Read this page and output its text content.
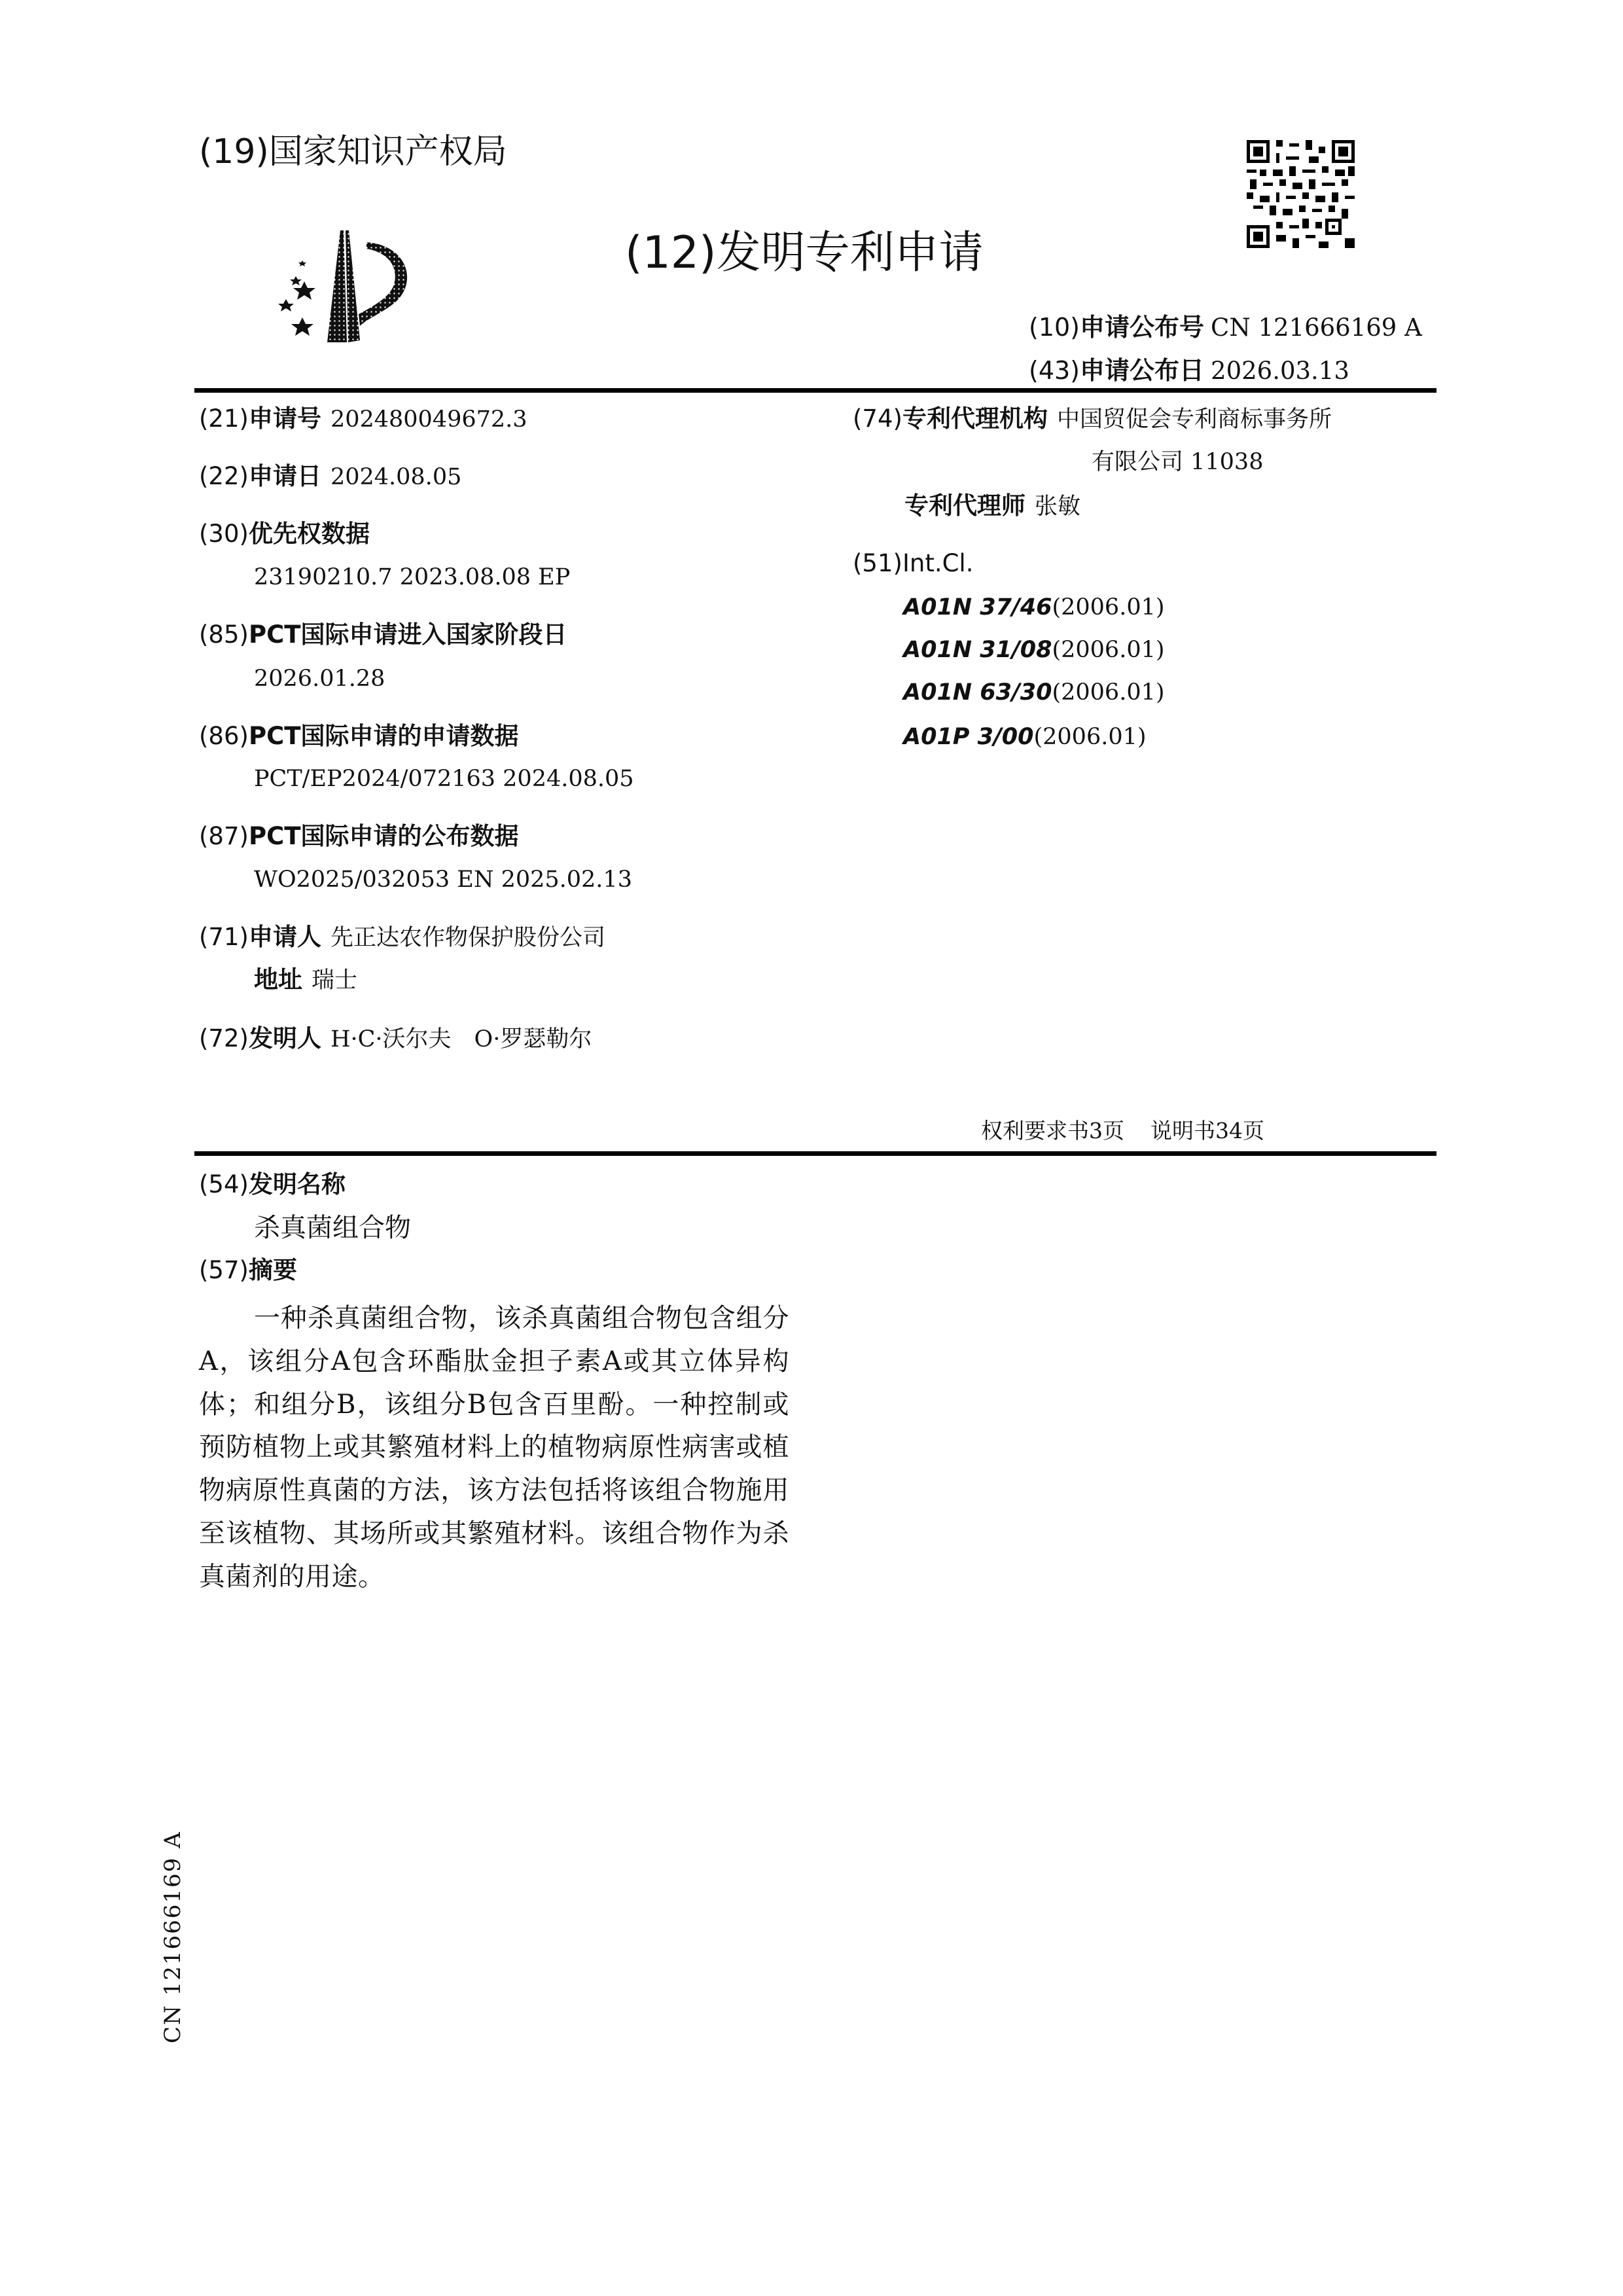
(19)国家知识产权局
(12)发明专利申请
(10)申请公布号 CN 121666169 A
(43)申请公布日 2026.03.13
(21)申请号 202480049672.3
(22)申请日 2024.08.05
(30)优先权数据
23190210.7 2023.08.08 EP
(85)PCT国际申请进入国家阶段日
2026.01.28
(86)PCT国际申请的申请数据
PCT/EP2024/072163 2024.08.05
(87)PCT国际申请的公布数据
WO2025/032053 EN 2025.02.13
(71)申请人 先正达农作物保护股份公司
地址 瑞士
(72)发明人 H·C·沃尔夫　O·罗瑟勒尔
(74)专利代理机构 中国贸促会专利商标事务所
有限公司 11038
专利代理师 张敏
(51)Int.Cl.
A01N 37/46(2006.01)
A01N 31/08(2006.01)
A01N 63/30(2006.01)
A01P 3/00(2006.01)
权利要求书3页 说明书34页
(54)发明名称
杀真菌组合物
(57)摘要
一种杀真菌组合物，该杀真菌组合物包含组分A，该组分A包含环酯肽金担子素A或其立体异构体；和组分B，该组分B包含百里酚。一种控制或预防植物上或其繁殖材料上的植物病原性病害或植物病原性真菌的方法，该方法包括将该组合物施用至该植物、其场所或其繁殖材料。该组合物作为杀真菌剂的用途。
CN 121666169 A
